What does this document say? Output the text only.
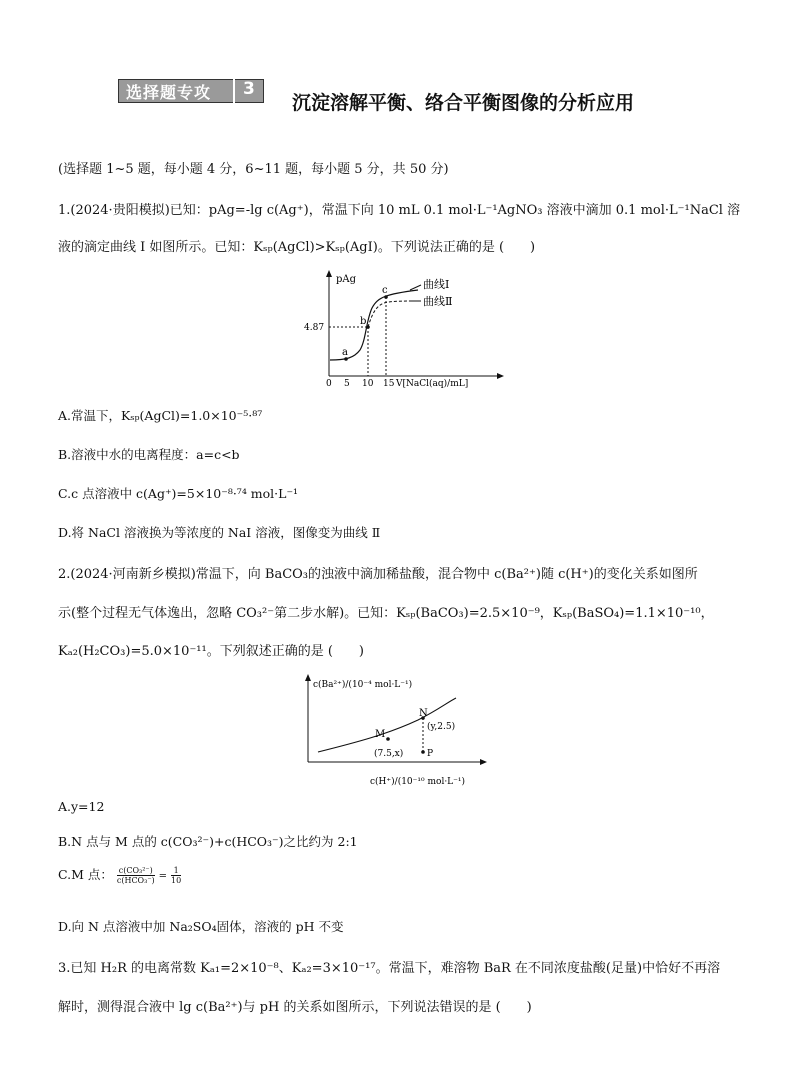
选择题专攻 3
沉淀溶解平衡、络合平衡图像的分析应用
(选择题 1~5 题，每小题 4 分，6~11 题，每小题 5 分，共 50 分)
1.(2024·贵阳模拟)已知：pAg=-lg c(Ag⁺)，常温下向 10 mL 0.1 mol·L⁻¹AgNO₃ 溶液中滴加 0.1 mol·L⁻¹NaCl 溶
液的滴定曲线 Ⅰ 如图所示。已知：Kₛₚ(AgCl)>Kₛₚ(AgI)。下列说法正确的是 (　　)
pAg
4.87
0 5 10 15 V[NaCl(aq)/mL]
a
b
c	曲线Ⅰ
曲线Ⅱ
A.常温下，Kₛₚ(AgCl)=1.0×10⁻⁵·⁸⁷
B.溶液中水的电离程度：a=c<b
C.c 点溶液中 c(Ag⁺)=5×10⁻⁸·⁷⁴ mol·L⁻¹
D.将 NaCl 溶液换为等浓度的 NaI 溶液，图像变为曲线 Ⅱ
2.(2024·河南新乡模拟)常温下，向 BaCO₃的浊液中滴加稀盐酸，混合物中 c(Ba²⁺)随 c(H⁺)的变化关系如图所
示(整个过程无气体逸出，忽略 CO₃²⁻第二步水解)。已知：Kₛₚ(BaCO₃)=2.5×10⁻⁹，Kₛₚ(BaSO₄)=1.1×10⁻¹⁰，
Kₐ₂(H₂CO₃)=5.0×10⁻¹¹。下列叙述正确的是 (　　)
c(Ba²⁺)/(10⁻⁴ mol·L⁻¹)
c(H⁺)/(10⁻¹⁰ mol·L⁻¹)
M
(7.5,x)
N
(y,2.5)
P
A.y=12
B.N 点与 M 点的 c(CO₃²⁻)+c(HCO₃⁻)之比约为 2:1
C.M 点： $\frac{\text{c(CO₃²⁻)}}{\text{c(HCO₃⁻)}} = \frac{1}{10}$
D.向 N 点溶液中加 Na₂SO₄固体，溶液的 pH 不变
3.已知 H₂R 的电离常数 Kₐ₁=2×10⁻⁸、Kₐ₂=3×10⁻¹⁷。常温下，难溶物 BaR 在不同浓度盐酸(足量)中恰好不再溶
解时，测得混合液中 lg c(Ba²⁺)与 pH 的关系如图所示，下列说法错误的是 (　　)
